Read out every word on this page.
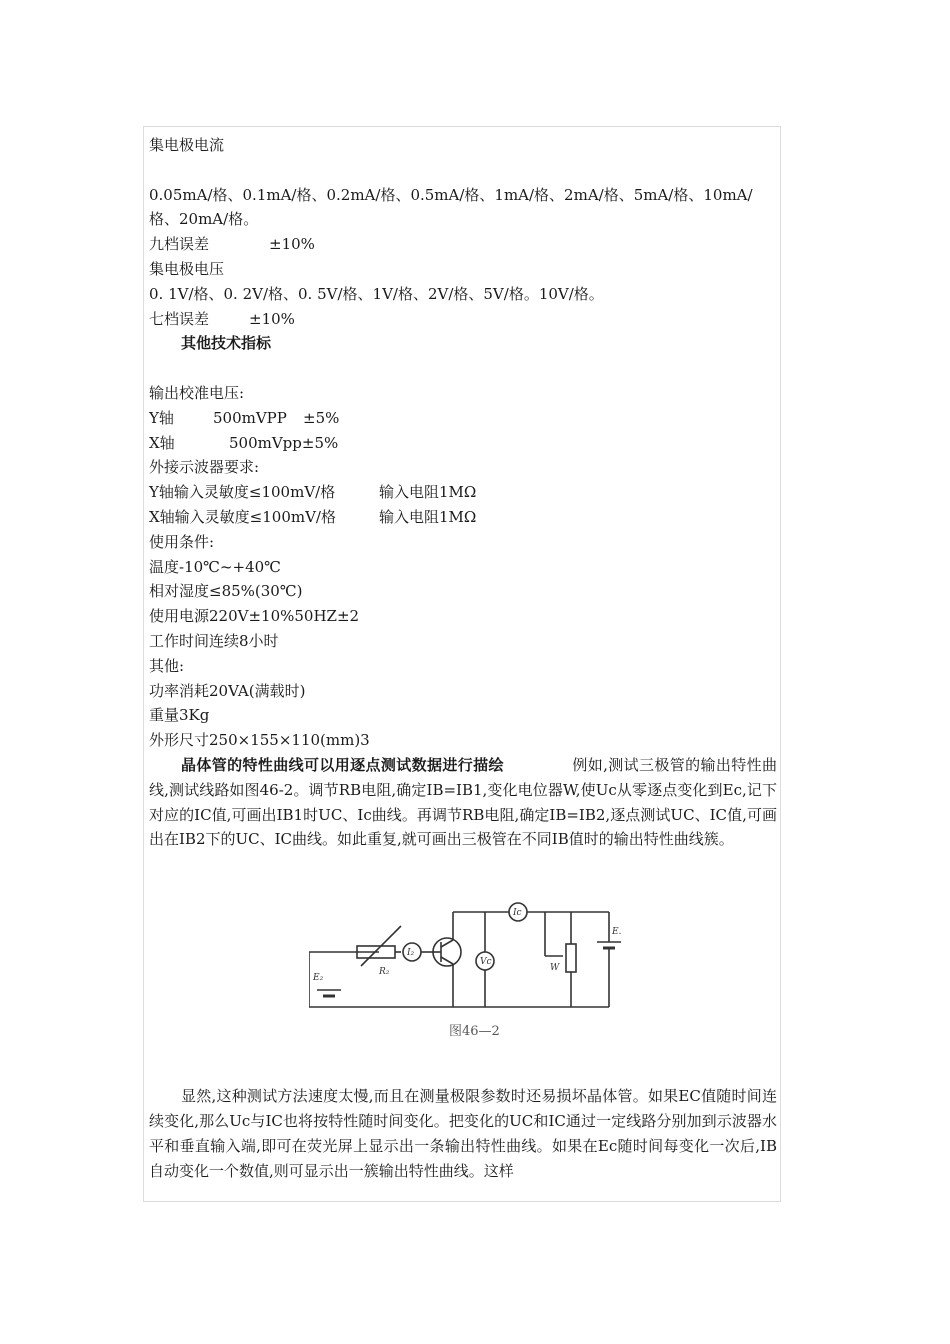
集电极电流
0.05mA/格、0.1mA/格、0.2mA/格、0.5mA/格、1mA/格、2mA/格、5mA/格、10mA/
格、20mA/格。
九档误差	±10%
集电极电压
0. 1V/格、0. 2V/格、0. 5V/格、1V/格、2V/格、5V/格。10V/格。
七档误差	±10%
其他技术指标
输出校准电压:
Y轴	500mVPP ±5%
X轴	500mVpp±5%
外接示波器要求:
Y轴输入灵敏度≤100mV/格	输入电阻1MΩ
X轴输入灵敏度≤100mV/格	输入电阻1MΩ
使用条件:
温度-10℃~+40℃
相对湿度≤85%(30℃)
使用电源220V±10%50HZ±2
工作时间连续8小时
其他:
功率消耗20VA(满载时)
重量3Kg
外形尺寸250×155×110(mm)3

晶体管的特性曲线可以用逐点测试数据进行描绘	例如,测试三极管的输出特性曲线,测试线路如图46-2。调节RB电阻,确定IB=IB1,变化电位器W,使Uc从零逐点变化到Ec,记下对应的IC值,可画出IB1时UC、Ic曲线。再调节RB电阻,确定IB=IB2,逐点测试UC、IC值,可画出在IB2下的UC、IC曲线。如此重复,就可画出三极管在不同IB值时的输出特性曲线簇。

E₂
R₂
I₂
Ic
Vc
W
E.
图46—2

显然,这种测试方法速度太慢,而且在测量极限参数时还易损坏晶体管。如果EC值随时间连续变化,那么Uc与IC也将按特性随时间变化。把变化的UC和IC通过一定线路分别加到示波器水平和垂直输入端,即可在荧光屏上显示出一条输出特性曲线。如果在Ec随时间每变化一次后,IB自动变化一个数值,则可显示出一簇输出特性曲线。这样
